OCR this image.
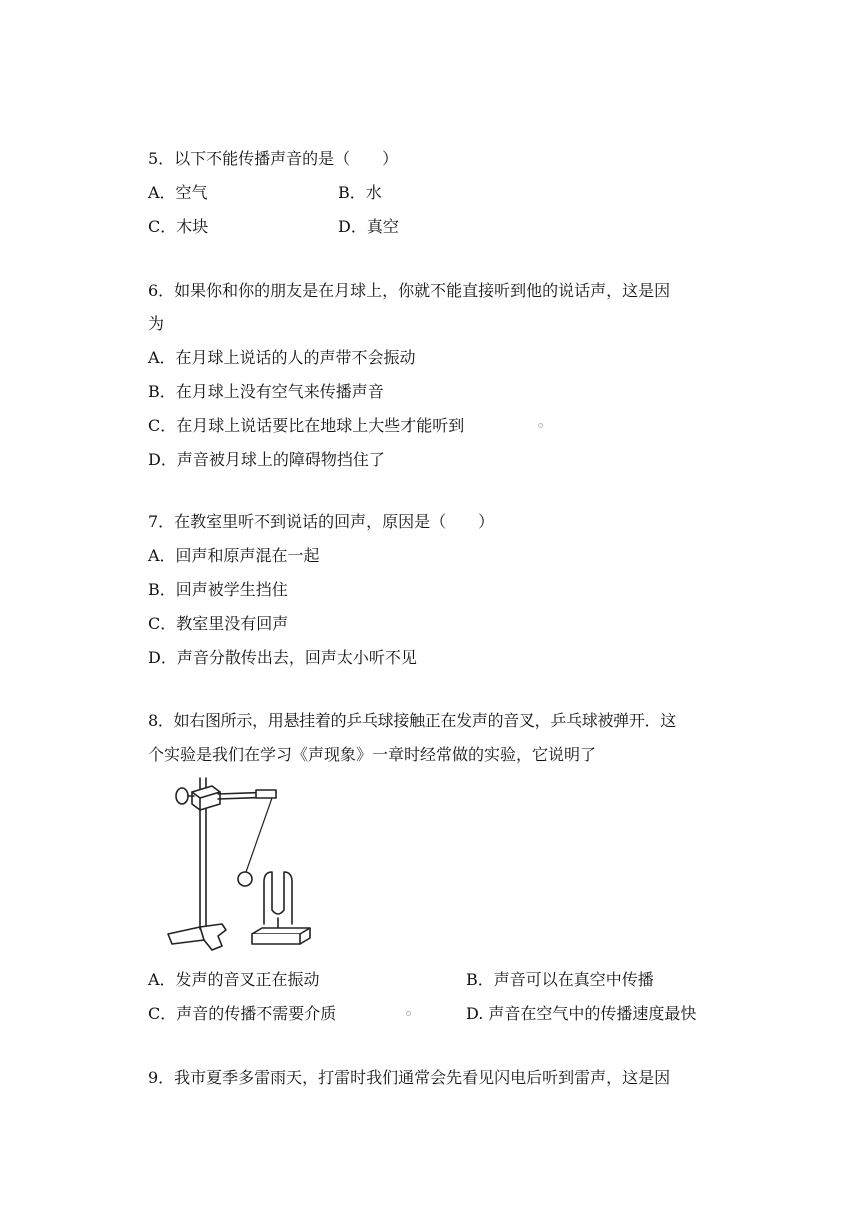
5．以下不能传播声音的是（　　）
A．空气	B．水
C．木块	D．真空
6．如果你和你的朋友是在月球上，你就不能直接听到他的说话声，这是因
为
A．在月球上说话的人的声带不会振动
B．在月球上没有空气来传播声音
C．在月球上说话要比在地球上大些才能听到
D．声音被月球上的障碍物挡住了
7．在教室里听不到说话的回声，原因是（　　）
A．回声和原声混在一起
B．回声被学生挡住
C．教室里没有回声
D．声音分散传出去，回声太小听不见
8．如右图所示，用悬挂着的乒乓球接触正在发声的音叉，乒乓球被弹开．这
个实验是我们在学习《声现象》一章时经常做的实验，它说明了
A．发声的音叉正在振动	B．声音可以在真空中传播
C．声音的传播不需要介质	D. 声音在空气中的传播速度最快
9．我市夏季多雷雨天，打雷时我们通常会先看见闪电后听到雷声，这是因
